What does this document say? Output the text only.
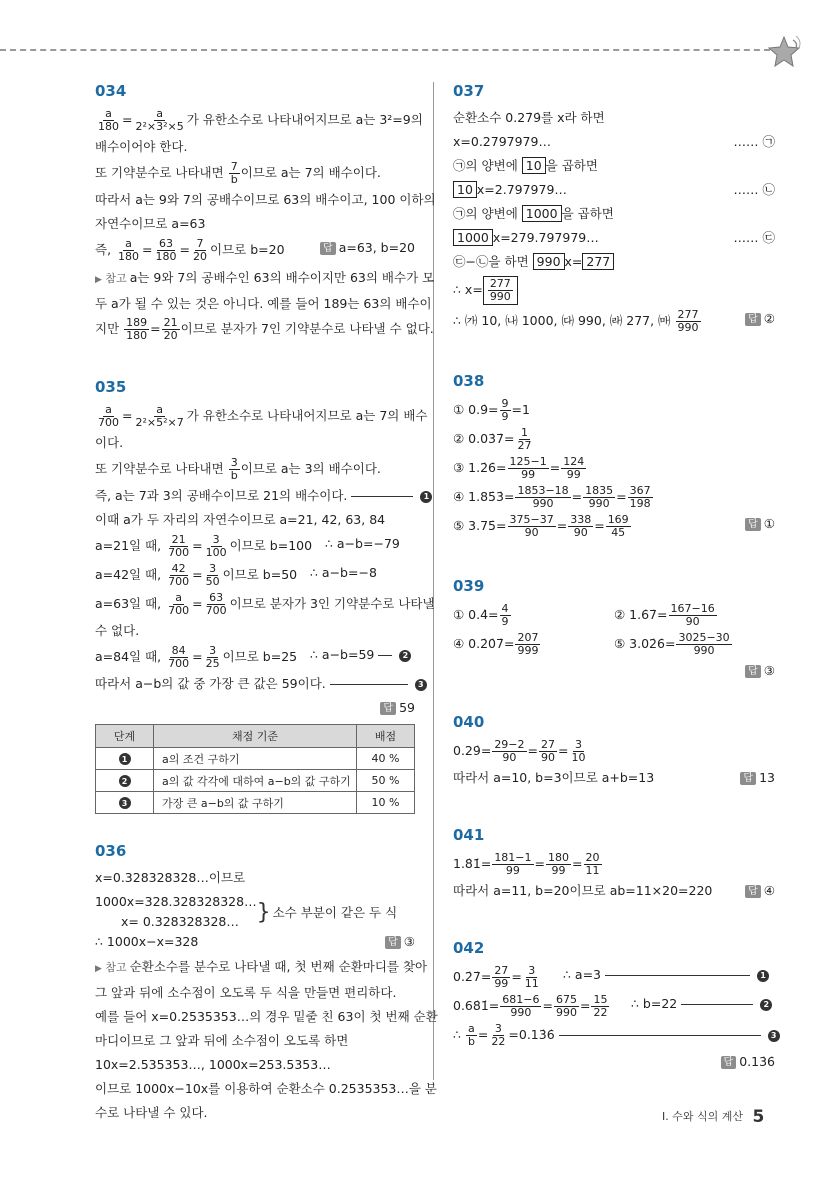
034
$\frac{a}{180} = \frac{a}{\text{2²×3²×5}}$ 가 유한소수로 나타내어지므로 a는 3²=9의
배수이어야 한다.
또 기약분수로 나타내면 $\frac{7}{b}$ 이므로 a는 7의 배수이다.
따라서 a는 9와 7의 공배수이므로 63의 배수이고, 100 이하의
자연수이므로 a=63
즉, $\frac{a}{180} = \frac{63}{180} = \frac{7}{20}$ 이므로 b=20 답	a=63, b=20
▶ 참고 a는 9와 7의 공배수인 63의 배수이지만 63의 배수가 모
두 a가 될 수 있는 것은 아니다. 예를 들어 189는 63의 배수이
지만 $\frac{189}{180} = \frac{21}{20}$ 이므로 분자가 7인 기약분수로 나타낼 수 없다.
035
$\frac{a}{700} = \frac{a}{\text{2²×5²×7}}$ 가 유한소수로 나타내어지므로 a는 7의 배수
이다.
또 기약분수로 나타내면 $\frac{3}{b}$ 이므로 a는 3의 배수이다.
즉, a는 7과 3의 공배수이므로 21의 배수이다.	1
이때 a가 두 자리의 자연수이므로 a=21, 42, 63, 84
a=21일 때, $\frac{21}{700} = \frac{3}{100}$ 이므로 b=100 ∴ a−b=−79
a=42일 때, $\frac{42}{700} = \frac{3}{50}$ 이므로 b=50 ∴ a−b=−8
a=63일 때, $\frac{a}{700} = \frac{63}{700}$ 이므로 분자가 3인 기약분수로 나타낼
수 없다.
a=84일 때, $\frac{84}{700} = \frac{3}{25}$ 이므로 b=25 ∴ a−b=59	2
따라서 a−b의 값 중 가장 큰 값은 59이다.	3
답59
단계	채점 기준	배점
1	a의 조건 구하기	40 %
2	a의 값 각각에 대하여 a−b의 값 구하기	50 %
3	가장 큰 a−b의 값 구하기	10 %
036
x=0.328328328…이므로
1000x=328.328328328…
x= 0.328328328… } 소수 부분이 같은 두 식
∴ 1000x−x=328 답	③
▶ 참고 순환소수를 분수로 나타낼 때, 첫 번째 순환마디를 찾아
그 앞과 뒤에 소수점이 오도록 두 식을 만들면 편리하다.
예를 들어 x=0.2535353…의 경우 밑줄 친 63이 첫 번째 순환
마디이므로 그 앞과 뒤에 소수점이 오도록 하면
10x=2.535353…, 1000x=253.5353…
이므로 1000x−10x를 이용하여 순환소수 0.2535353…을 분
수로 나타낼 수 있다.
037
순환소수 0.27̇9̇를 x라 하면
x=0.2797979…	…… ㉠
㉠의 양변에 10 을 곱하면
10 x=2.797979…	…… ㉡
㉠의 양변에 1000 을 곱하면
1000 x=279.797979…	…… ㉢
㉢−㉡을 하면 990 x= 277
∴ $x= \frac{277}{990}$
∴ ㈎ 10, ㈏ 1000, ㈐ 990, ㈑ 277, ㈒ $\frac{277}{990}$ 답	②
038
① 0.9̇= $\frac{9}{9} =1$
② 0.03̇7̇= $\frac{1}{27}$
③ 1.2̇6̇= $\frac{125-1}{99} = \frac{124}{99}$
④ 1.85̇3̇= $\frac{1853-18}{990} = \frac{1835}{990} = \frac{367}{198}$
⑤ 3.75̇= $\frac{375-37}{90} = \frac{338}{90} = \frac{169}{45}$ 답	①
039
① 0.4̇= $\frac{4}{9}$	② 1.6̇7̇= $\frac{167-16}{90}$
④ 0.2̇0̇7̇= $\frac{207}{999}$	⑤ 3.02̇6̇= $\frac{3025-30}{990}$
답③
040
0.29̇= $\frac{29-2}{90} = \frac{27}{90} = \frac{3}{10}$
따라서 a=10, b=3이므로 a+b=13 답	13
041
1.8̇1̇= $\frac{181-1}{99} = \frac{180}{99} = \frac{20}{11}$
따라서 a=11, b=20이므로 ab=11×20=220 답	④
042
0.2̇7̇= $\frac{27}{99} = \frac{3}{11}$ ∴ a=3	1
0.68̇1̇= $\frac{681-6}{990} = \frac{675}{990} = \frac{15}{22}$ ∴ b=22	2
∴ $\frac{a}{b} = \frac{3}{22}$ =0.13̇6̇	3
답0.13̇6̇
Ⅰ. 수와 식의 계산 5
